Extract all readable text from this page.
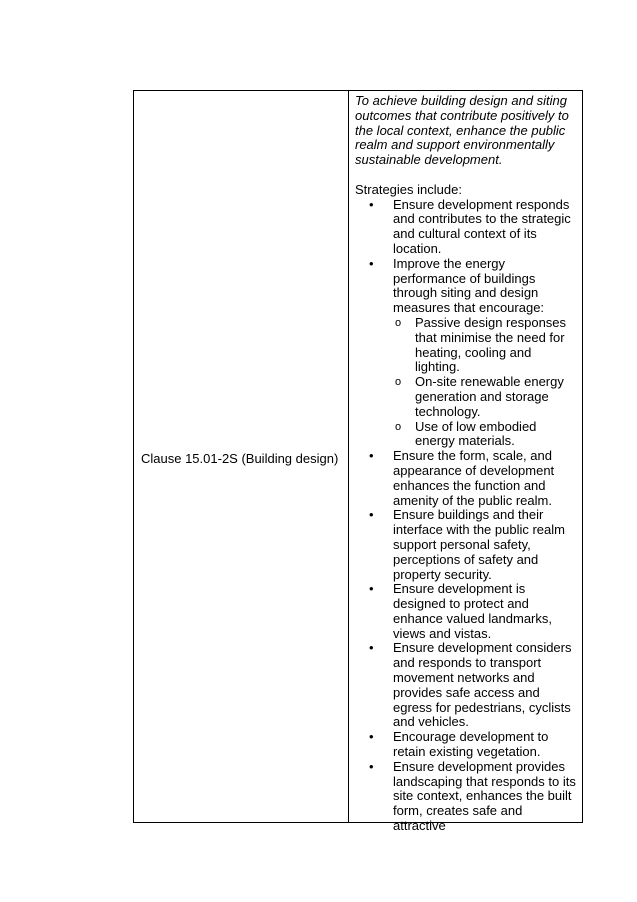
Clause 15.01-2S (Building design)

To achieve building design and siting outcomes that contribute positively to the local context, enhance the public realm and support environmentally sustainable development.

Strategies include:

• Ensure development responds and contributes to the strategic and cultural context of its location.
• Improve the energy performance of buildings through siting and design measures that encourage:
o Passive design responses that minimise the need for heating, cooling and lighting.
o On-site renewable energy generation and storage technology.
o Use of low embodied energy materials.
• Ensure the form, scale, and appearance of development enhances the function and amenity of the public realm.
• Ensure buildings and their interface with the public realm support personal safety, perceptions of safety and property security.
• Ensure development is designed to protect and enhance valued landmarks, views and vistas.
• Ensure development considers and responds to transport movement networks and provides safe access and egress for pedestrians, cyclists and vehicles.
• Encourage development to retain existing vegetation.
• Ensure development provides landscaping that responds to its site context, enhances the built form, creates safe and attractive
